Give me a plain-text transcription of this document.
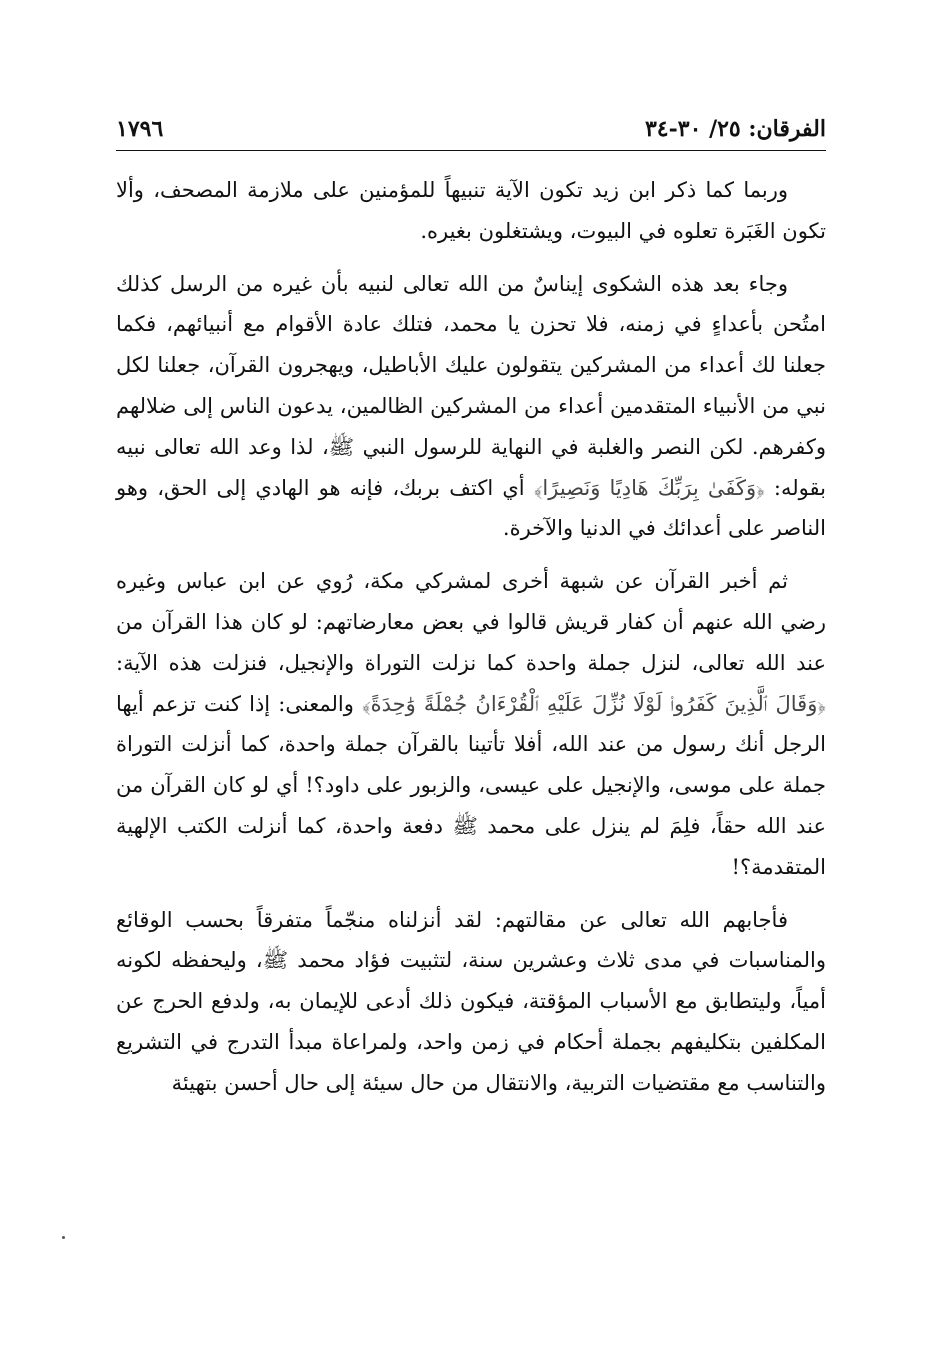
الفرقان: ٢٥/ ٣٠-٣٤
١٧٩٦

وربما كما ذكر ابن زيد تكون الآية تنبيهاً للمؤمنين على ملازمة المصحف، وألا تكون الغَبَرة تعلوه في البيوت، ويشتغلون بغيره.

وجاء بعد هذه الشكوى إيناسٌ من الله تعالى لنبيه بأن غيره من الرسل كذلك امتُحن بأعداءٍ في زمنه، فلا تحزن يا محمد، فتلك عادة الأقوام مع أنبيائهم، فكما جعلنا لك أعداء من المشركين يتقولون عليك الأباطيل، ويهجرون القرآن، جعلنا لكل نبي من الأنبياء المتقدمين أعداء من المشركين الظالمين، يدعون الناس إلى ضلالهم وكفرهم. لكن النصر والغلبة في النهاية للرسول النبي ﷺ، لذا وعد الله تعالى نبيه بقوله: ﴿وَكَفَىٰ بِرَبِّكَ هَادِيًا وَنَصِيرًا﴾ أي اكتف بربك، فإنه هو الهادي إلى الحق، وهو الناصر على أعدائك في الدنيا والآخرة.

ثم أخبر القرآن عن شبهة أخرى لمشركي مكة، رُوي عن ابن عباس وغيره رضي الله عنهم أن كفار قريش قالوا في بعض معارضاتهم: لو كان هذا القرآن من عند الله تعالى، لنزل جملة واحدة كما نزلت التوراة والإنجيل، فنزلت هذه الآية: ﴿وَقَالَ ٱلَّذِينَ كَفَرُوا۟ لَوْلَا نُزِّلَ عَلَيْهِ ٱلْقُرْءَانُ جُمْلَةً وَٰحِدَةً﴾ والمعنى: إذا كنت تزعم أيها الرجل أنك رسول من عند الله، أفلا تأتينا بالقرآن جملة واحدة، كما أنزلت التوراة جملة على موسى، والإنجيل على عيسى، والزبور على داود؟! أي لو كان القرآن من عند الله حقاً، فلِمَ لم ينزل على محمد ﷺ دفعة واحدة، كما أنزلت الكتب الإلهية المتقدمة؟!

فأجابهم الله تعالى عن مقالتهم: لقد أنزلناه منجّماً متفرقاً بحسب الوقائع والمناسبات في مدى ثلاث وعشرين سنة، لتثبيت فؤاد محمد ﷺ، وليحفظه لكونه أمياً، وليتطابق مع الأسباب المؤقتة، فيكون ذلك أدعى للإيمان به، ولدفع الحرج عن المكلفين بتكليفهم بجملة أحكام في زمن واحد، ولمراعاة مبدأ التدرج في التشريع والتناسب مع مقتضيات التربية، والانتقال من حال سيئة إلى حال أحسن بتهيئة
